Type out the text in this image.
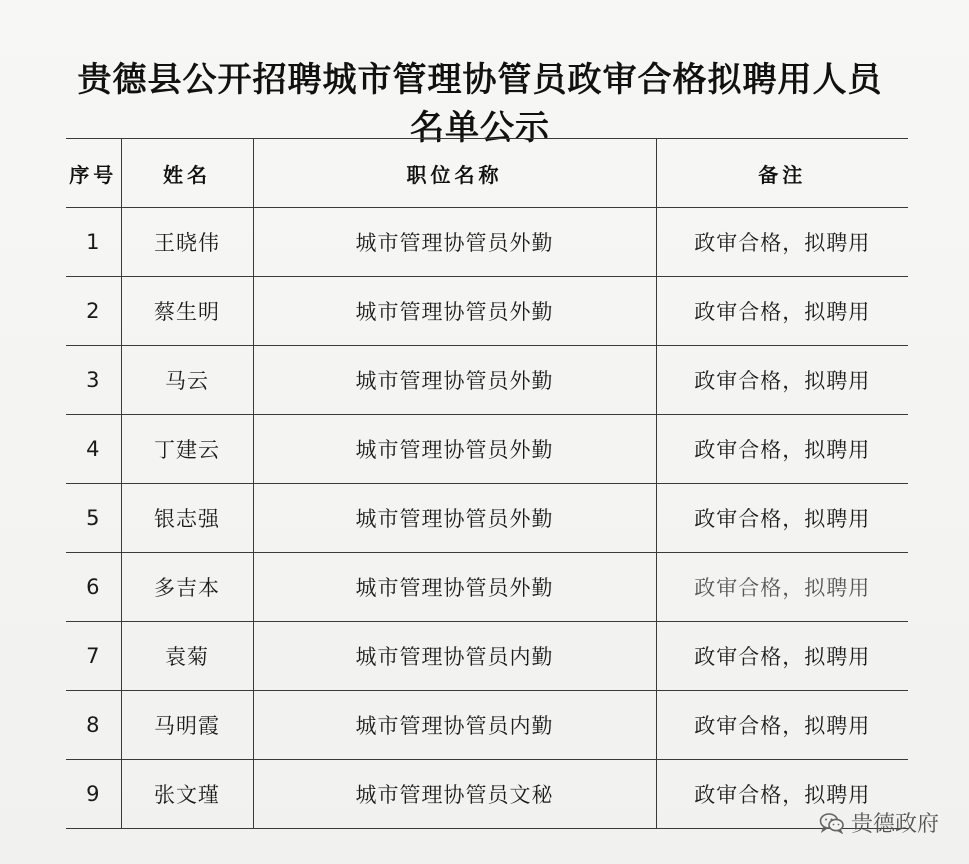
贵德县公开招聘城市管理协管员政审合格拟聘用人员
名单公示
序号	姓名	职位名称	备注
1	王晓伟	城市管理协管员外勤	政审合格，拟聘用
2	蔡生明	城市管理协管员外勤	政审合格，拟聘用
3	马云	城市管理协管员外勤	政审合格，拟聘用
4	丁建云	城市管理协管员外勤	政审合格，拟聘用
5	银志强	城市管理协管员外勤	政审合格，拟聘用
6	多吉本	城市管理协管员外勤	政审合格，拟聘用
7	袁菊	城市管理协管员内勤	政审合格，拟聘用
8	马明霞	城市管理协管员内勤	政审合格，拟聘用
9	张文瑾	城市管理协管员文秘	政审合格，拟聘用
贵德政府
